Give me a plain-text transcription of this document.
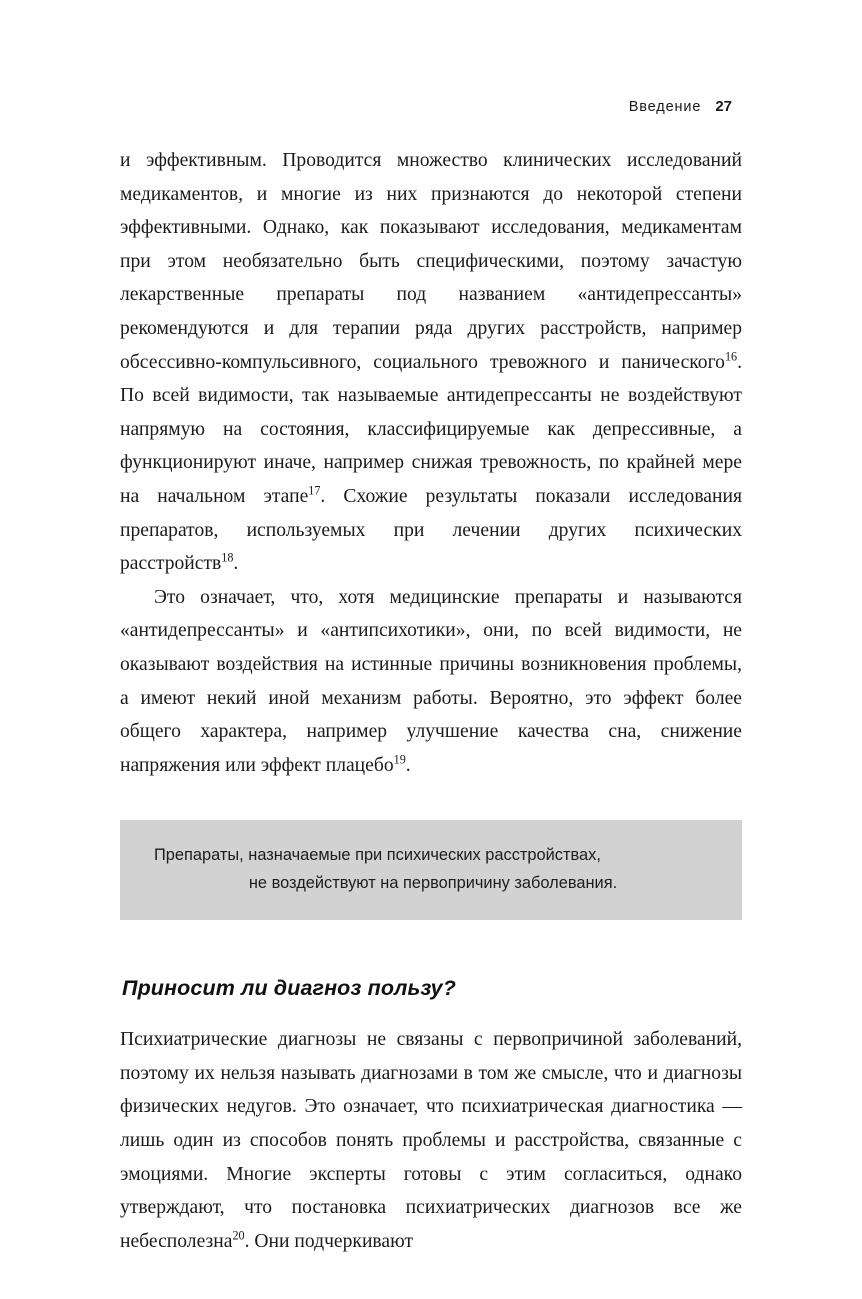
Введение 27

и эффективным. Проводится множество клинических исследований медикаментов, и многие из них признаются до некоторой степени эффективными. Однако, как показывают исследования, медикаментам при этом необязательно быть специфическими, поэтому зачастую лекарственные препараты под названием «антидепрессанты» рекомендуются и для терапии ряда других расстройств, например обсессивно-компульсивного, социального тревожного и панического$^{16}$. По всей видимости, так называемые антидепрессанты не воздействуют напрямую на состояния, классифицируемые как депрессивные, а функционируют иначе, например снижая тревожность, по крайней мере на начальном этапе$^{17}$. Схожие результаты показали исследования препаратов, используемых при лечении других психических расстройств$^{18}$.

Это означает, что, хотя медицинские препараты и называются «антидепрессанты» и «антипсихотики», они, по всей видимости, не оказывают воздействия на истинные причины возникновения проблемы, а имеют некий иной механизм работы. Вероятно, это эффект более общего характера, например улучшение качества сна, снижение напряжения или эффект плацебо$^{19}$.

Препараты, назначаемые при психических расстройствах,
не воздействуют на первопричину заболевания.
Приносит ли диагноз пользу?

Психиатрические диагнозы не связаны с первопричиной заболеваний, поэтому их нельзя называть диагнозами в том же смысле, что и диагнозы физических недугов. Это означает, что психиатрическая диагностика — лишь один из способов понять проблемы и расстройства, связанные с эмоциями. Многие эксперты готовы с этим согласиться, однако утверждают, что постановка психиатрических диагнозов все же небесполезна$^{20}$. Они подчеркивают
